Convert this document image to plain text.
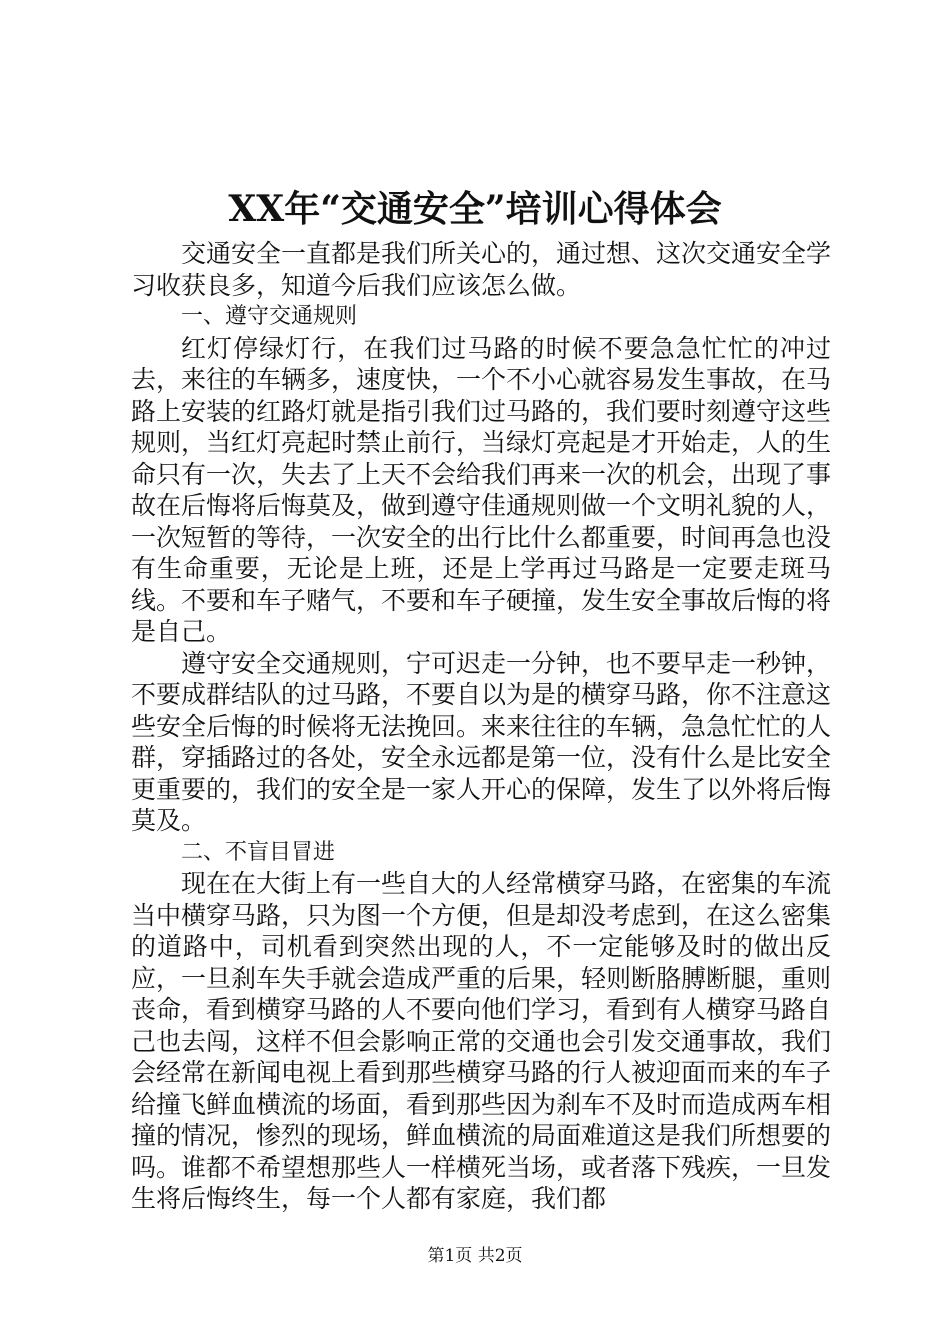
XX年“交通安全”培训心得体会

交通安全一直都是我们所关心的，通过想、这次交通安全学习收获良多，知道今后我们应该怎么做。

一、遵守交通规则

红灯停绿灯行，在我们过马路的时候不要急急忙忙的冲过去，来往的车辆多，速度快，一个不小心就容易发生事故，在马路上安装的红路灯就是指引我们过马路的，我们要时刻遵守这些规则，当红灯亮起时禁止前行，当绿灯亮起是才开始走，人的生命只有一次，失去了上天不会给我们再来一次的机会，出现了事故在后悔将后悔莫及，做到遵守佳通规则做一个文明礼貌的人，一次短暂的等待，一次安全的出行比什么都重要，时间再急也没有生命重要，无论是上班，还是上学再过马路是一定要走斑马线。不要和车子赌气，不要和车子硬撞，发生安全事故后悔的将是自己。

遵守安全交通规则，宁可迟走一分钟，也不要早走一秒钟，不要成群结队的过马路，不要自以为是的横穿马路，你不注意这些安全后悔的时候将无法挽回。来来往往的车辆，急急忙忙的人群，穿插路过的各处，安全永远都是第一位，没有什么是比安全更重要的，我们的安全是一家人开心的保障，发生了以外将后悔莫及。

二、不盲目冒进

现在在大街上有一些自大的人经常横穿马路，在密集的车流当中横穿马路，只为图一个方便，但是却没考虑到，在这么密集的道路中，司机看到突然出现的人，不一定能够及时的做出反应，一旦刹车失手就会造成严重的后果，轻则断胳膊断腿，重则丧命，看到横穿马路的人不要向他们学习，看到有人横穿马路自己也去闯，这样不但会影响正常的交通也会引发交通事故，我们会经常在新闻电视上看到那些横穿马路的行人被迎面而来的车子给撞飞鲜血横流的场面，看到那些因为刹车不及时而造成两车相撞的情况，惨烈的现场，鲜血横流的局面难道这是我们所想要的吗。谁都不希望想那些人一样横死当场，或者落下残疾，一旦发生将后悔终生，每一个人都有家庭，我们都

第1页 共2页
